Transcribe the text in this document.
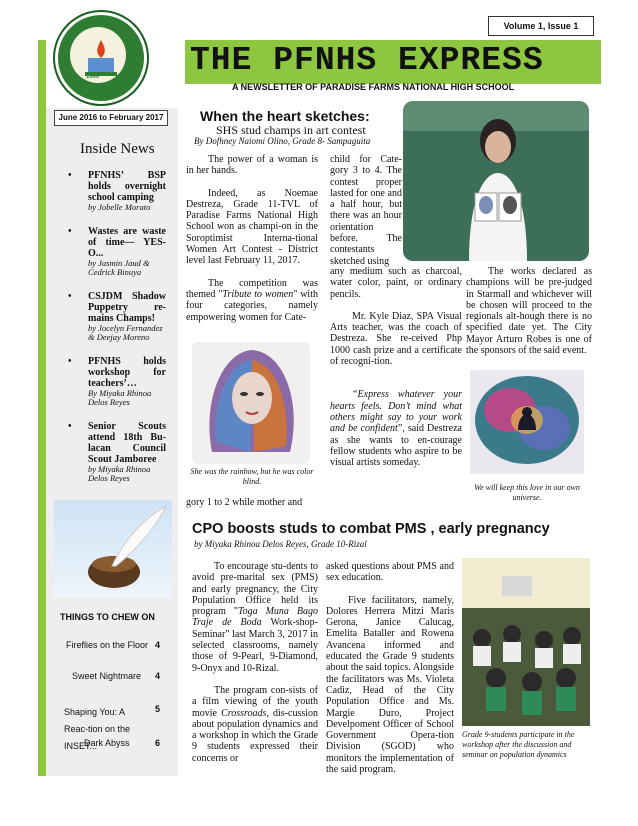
1990
Volume 1, Issue 1
THE PFNHS EXPRESS
A NEWSLETTER OF PARADISE FARMS NATIONAL HIGH SCHOOL
June 2016 to February 2017
Inside News
• PFNHS’ BSP holds overnight school camping
by Jobelle Morato
• Wastes are waste of time— YES-O...
by Jasmin Jaud & Cedrick Binuya
• CSJDM Shadow Puppetry re-mains Champs!
by Jocelyn Fernandez & Deejay Moreno
• PFNHS holds workshop for teachers’…
By Miyaka Rhinoa Delos Reyes
• Senior Scouts attend 18th Bu-lacan Council Scout Jamboree
by Miyaka Rhinoa Delos Reyes
THINGS TO CHEW ON
Fireflies on the Floor 4
Sweet Nightmare 4
Shaping You: A Reac-tion on the INSET...
5
Dark Abyss	6
When the heart sketches:
SHS stud champs in art contest
By Dofhney Naiomi Olino, Grade 8- Sampaguita
The power of a woman is in her hands.
Indeed, as Noemae Destreza, Grade 11-TVL of Paradise Farms National High School won as champi-on in the Soroptimist Interna-tional Women Art Contest - District level last February 11, 2017.
The competition was themed "Tribute to women" with four categories, namely empowering women for Cate-
She was the rainbow, but he was color blind.
gory 1 to 2 while mother and
child for Cate-gory 3 to 4. The contest proper lasted for one and a half hour, but there was an hour orientation before. The contestants sketched using
any medium such as charcoal, water color, paint, or ordinary pencils.
Mr. Kyle Diaz, SPA Visual Arts teacher, was the coach of Destreza. She re-ceived Php 1000 cash prize and a certificate of recogni-tion.
“Express whatever your hearts feels. Don’t mind what others might say to your work and be confident”, said Destreza as she wants to en-courage fellow students who aspire to be visual artists someday.
The works declared as champions will be pre-judged in Starmall and whichever will be chosen will proceed to the regionals alt-hough there is no specified date yet. The City Mayor Arturo Robes is one of the sponsors of the said event.
We will keep this love in our own universe.
CPO boosts studs to combat PMS , early pregnancy
by Miyaka Rhinoa Delos Reyes, Grade 10-Rizal
To encourage stu-dents to avoid pre-marital sex (PMS) and early pregnancy, the City Population Office held its program "Toga Muna Bago Traje de Boda Work-shop-Seminar" last March 3, 2017 in selected classrooms, namely those of 9-Pearl, 9-Diamond, 9-Onyx and 10-Rizal.
The program con-sists of a film viewing of the youth movie Crossroads, dis-cussion about population dynamics and a workshop in which the Grade 9 students expressed their concerns or
asked questions about PMS and sex education.
Five facilitators, namely, Dolores Herrera Mitzi Maris Gerona, Janice Calucag, Emelita Bataller and Rowena Avancena informed and educated the Grade 9 students about the said topics. Alongside the facilitators was Ms. Violeta Cadiz, Head of the City Population Office and Ms. Margie Duro, Project Develpoment Officer of School Government Opera-tion Division (SGOD) who monitors the implementation of the said program.
Grade 9-students participate in the workshop after the discussion and seminar on population dynamics
